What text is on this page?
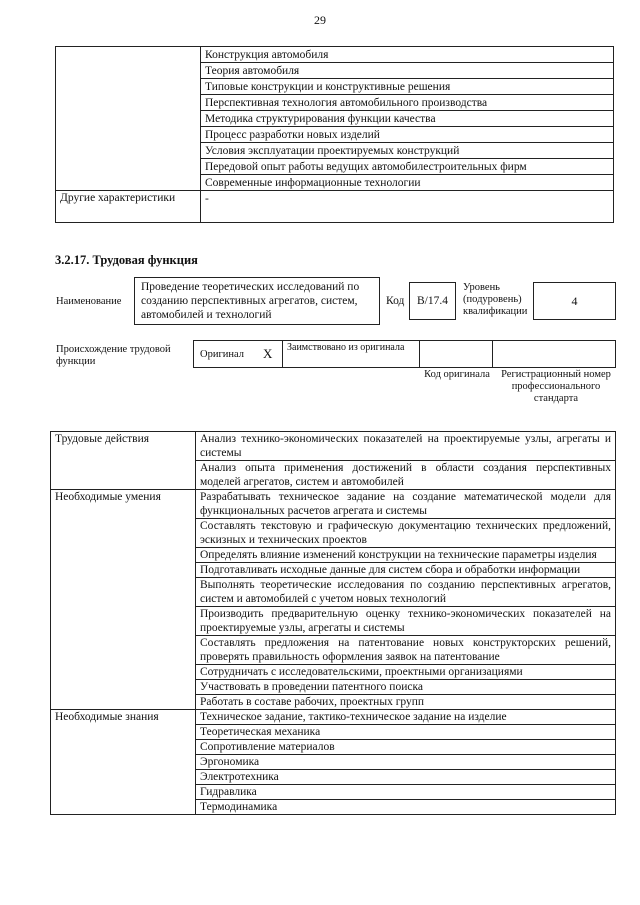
29
	Конструкция автомобиля
	Теория автомобиля
	Типовые конструкции и конструктивные решения
	Перспективная технология автомобильного производства
	Методика структурирования функции качества
	Процесс разработки новых изделий
	Условия эксплуатации проектируемых конструкций
	Передовой опыт работы ведущих автомобилестроительных фирм
	Современные информационные технологии
Другие характеристики	-
3.2.17. Трудовая функция
Наименование
Проведение теоретических исследований по созданию перспективных агрегатов, систем, автомобилей и технологий
Код	B/17.4
Уровень (подуровень) квалификации
4
Происхождение трудовой функции
Оригинал X Заимствовано из оригинала
Код оригинала	Регистрационный номер профессионального стандарта
Трудовые действия	Анализ технико-экономических показателей на проектируемые узлы, агрегаты и системы
	Анализ опыта применения достижений в области создания перспективных моделей агрегатов, систем и автомобилей
Необходимые умения	Разрабатывать техническое задание на создание математической модели для функциональных расчетов агрегата и системы
	Составлять текстовую и графическую документацию технических предложений, эскизных и технических проектов
	Определять влияние изменений конструкции на технические параметры изделия
	Подготавливать исходные данные для систем сбора и обработки информации
	Выполнять теоретические исследования по созданию перспективных агрегатов, систем и автомобилей с учетом новых технологий
	Производить предварительную оценку технико-экономических показателей на проектируемые узлы, агрегаты и системы
	Составлять предложения на патентование новых конструкторских решений, проверять правильность оформления заявок на патентование
	Сотрудничать с исследовательскими, проектными организациями
	Участвовать в проведении патентного поиска
	Работать в составе рабочих, проектных групп
Необходимые знания	Техническое задание, тактико-техническое задание на изделие
	Теоретическая механика
	Сопротивление материалов
	Эргономика
	Электротехника
	Гидравлика
	Термодинамика
